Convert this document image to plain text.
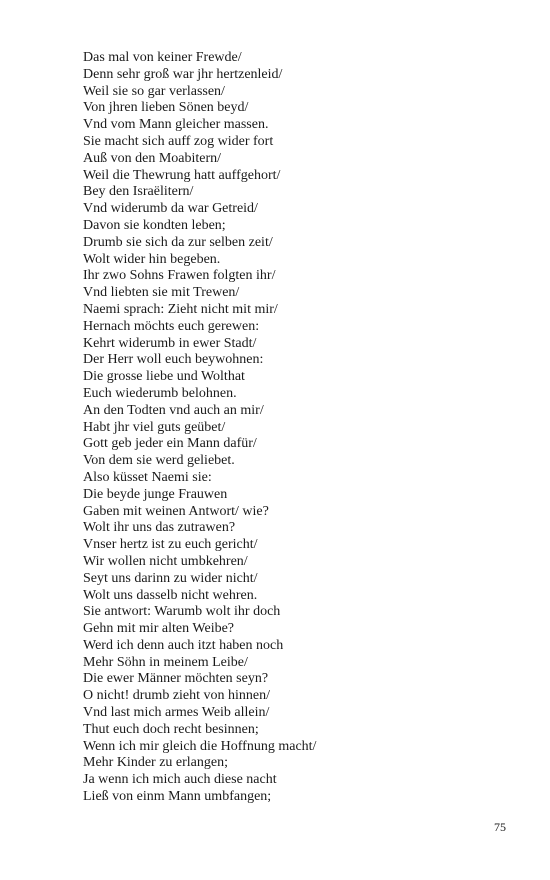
Das mal von keiner Frewde/
Denn sehr groß war jhr hertzenleid/
Weil sie so gar verlassen/
Von jhren lieben Sönen beyd/
Vnd vom Mann gleicher massen.
Sie macht sich auff zog wider fort
Auß von den Moabitern/
Weil die Thewrung hatt auffgehort/
Bey den Israëlitern/
Vnd widerumb da war Getreid/
Davon sie kondten leben;
Drumb sie sich da zur selben zeit/
Wolt wider hin begeben.
Ihr zwo Sohns Frawen folgten ihr/
Vnd liebten sie mit Trewen/
Naemi sprach: Zieht nicht mit mir/
Hernach möchts euch gerewen:
Kehrt widerumb in ewer Stadt/
Der Herr woll euch beywohnen:
Die grosse liebe und Wolthat
Euch wiederumb belohnen.
An den Todten vnd auch an mir/
Habt jhr viel guts geübet/
Gott geb jeder ein Mann dafür/
Von dem sie werd geliebet.
Also küsset Naemi sie:
Die beyde junge Frauwen
Gaben mit weinen Antwort/ wie?
Wolt ihr uns das zutrawen?
Vnser hertz ist zu euch gericht/
Wir wollen nicht umbkehren/
Seyt uns darinn zu wider nicht/
Wolt uns dasselb nicht wehren.
Sie antwort: Warumb wolt ihr doch
Gehn mit mir alten Weibe?
Werd ich denn auch itzt haben noch
Mehr Söhn in meinem Leibe/
Die ewer Männer möchten seyn?
O nicht! drumb zieht von hinnen/
Vnd last mich armes Weib allein/
Thut euch doch recht besinnen;
Wenn ich mir gleich die Hoffnung macht/
Mehr Kinder zu erlangen;
Ja wenn ich mich auch diese nacht
Ließ von einm Mann umbfangen;
75
